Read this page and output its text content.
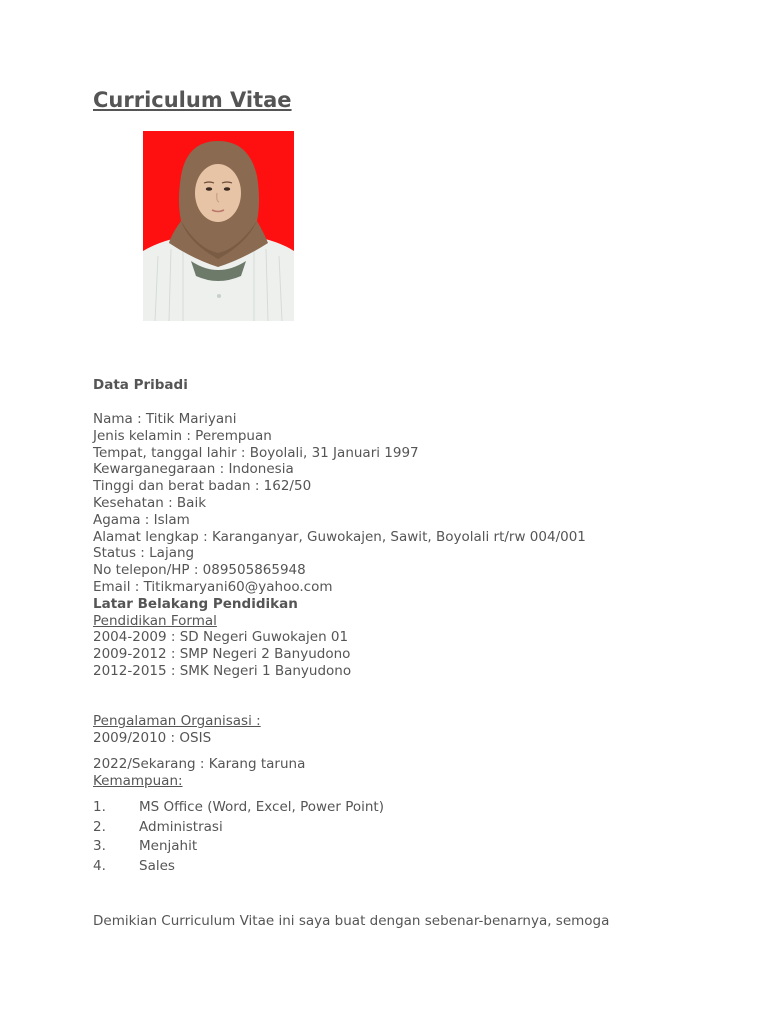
Curriculum Vitae
Data Pribadi
Nama : Titik Mariyani
Jenis kelamin : Perempuan
Tempat, tanggal lahir : Boyolali, 31 Januari 1997
Kewarganegaraan : Indonesia
Tinggi dan berat badan : 162/50
Kesehatan : Baik
Agama : Islam
Alamat lengkap : Karanganyar, Guwokajen, Sawit, Boyolali rt/rw 004/001
Status : Lajang
No telepon/HP : 089505865948
Email : Titikmaryani60@yahoo.com
Latar Belakang Pendidikan
Pendidikan Formal
2004-2009 : SD Negeri Guwokajen 01
2009-2012 : SMP Negeri 2 Banyudono
2012-2015 : SMK Negeri 1 Banyudono

Pengalaman Organisasi :

2009/2010 : OSIS

2022/Sekarang : Karang taruna

Kemampuan:

1. MS Office (Word, Excel, Power Point)
2. Administrasi
3. Menjahit
4. Sales

Demikian Curriculum Vitae ini saya buat dengan sebenar-benarnya, semoga
